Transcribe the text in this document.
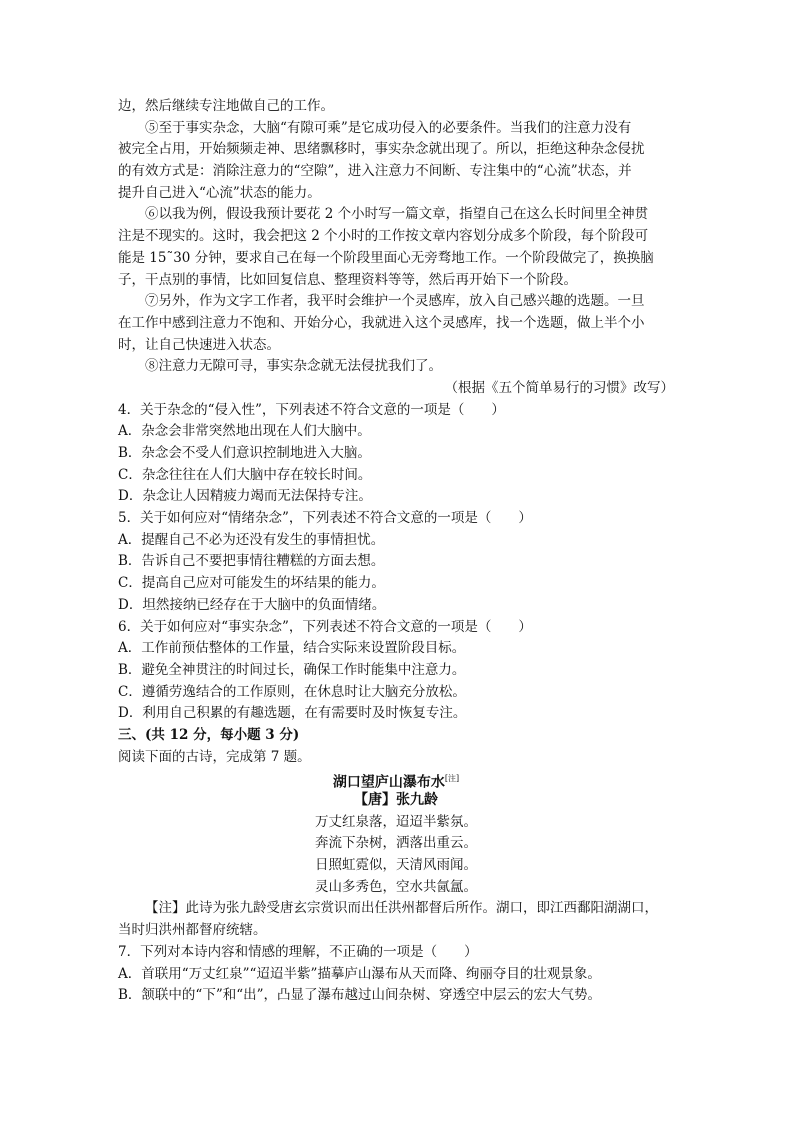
边，然后继续专注地做自己的工作。
⑤至于事实杂念，大脑“有隙可乘”是它成功侵入的必要条件。当我们的注意力没有
被完全占用，开始频频走神、思绪飘移时，事实杂念就出现了。所以，拒绝这种杂念侵扰
的有效方式是：消除注意力的“空隙”，进入注意力不间断、专注集中的“心流”状态，并
提升自己进入“心流”状态的能力。
⑥以我为例，假设我预计要花 2 个小时写一篇文章，指望自己在这么长时间里全神贯
注是不现实的。这时，我会把这 2 个小时的工作按文章内容划分成多个阶段，每个阶段可
能是 15˜30 分钟，要求自己在每一个阶段里面心无旁骛地工作。一个阶段做完了，换换脑
子，干点别的事情，比如回复信息、整理资料等等，然后再开始下一个阶段。
⑦另外，作为文字工作者，我平时会维护一个灵感库，放入自己感兴趣的选题。一旦
在工作中感到注意力不饱和、开始分心，我就进入这个灵感库，找一个选题，做上半个小
时，让自己快速进入状态。
⑧注意力无隙可寻，事实杂念就无法侵扰我们了。
（根据《五个简单易行的习惯》改写）
4．关于杂念的“侵入性”，下列表述不符合文意的一项是（　　）
A．杂念会非常突然地出现在人们大脑中。
B．杂念会不受人们意识控制地进入大脑。
C．杂念往往在人们大脑中存在较长时间。
D．杂念让人因精疲力竭而无法保持专注。
5．关于如何应对“情绪杂念”，下列表述不符合文意的一项是（　　）
A．提醒自己不必为还没有发生的事情担忧。
B．告诉自己不要把事情往糟糕的方面去想。
C．提高自己应对可能发生的坏结果的能力。
D．坦然接纳已经存在于大脑中的负面情绪。
6．关于如何应对“事实杂念”，下列表述不符合文意的一项是（　　）
A．工作前预估整体的工作量，结合实际来设置阶段目标。
B．避免全神贯注的时间过长，确保工作时能集中注意力。
C．遵循劳逸结合的工作原则，在休息时让大脑充分放松。
D．利用自己积累的有趣选题，在有需要时及时恢复专注。
三、(共 12 分，每小题 3 分)
阅读下面的古诗，完成第 7 题。
湖口望庐山瀑布水[注]
【唐】张九龄
万丈红泉落，迢迢半紫氛。
奔流下杂树，洒落出重云。
日照虹霓似，天清风雨闻。
灵山多秀色，空水共氤氲。
【注】此诗为张九龄受唐玄宗赏识而出任洪州都督后所作。湖口，即江西鄱阳湖湖口，
当时归洪州都督府统辖。
7．下列对本诗内容和情感的理解，不正确的一项是（　　）
A．首联用“万丈红泉”“迢迢半紫”描摹庐山瀑布从天而降、绚丽夺目的壮观景象。
B．颔联中的“下”和“出”，凸显了瀑布越过山间杂树、穿透空中层云的宏大气势。
